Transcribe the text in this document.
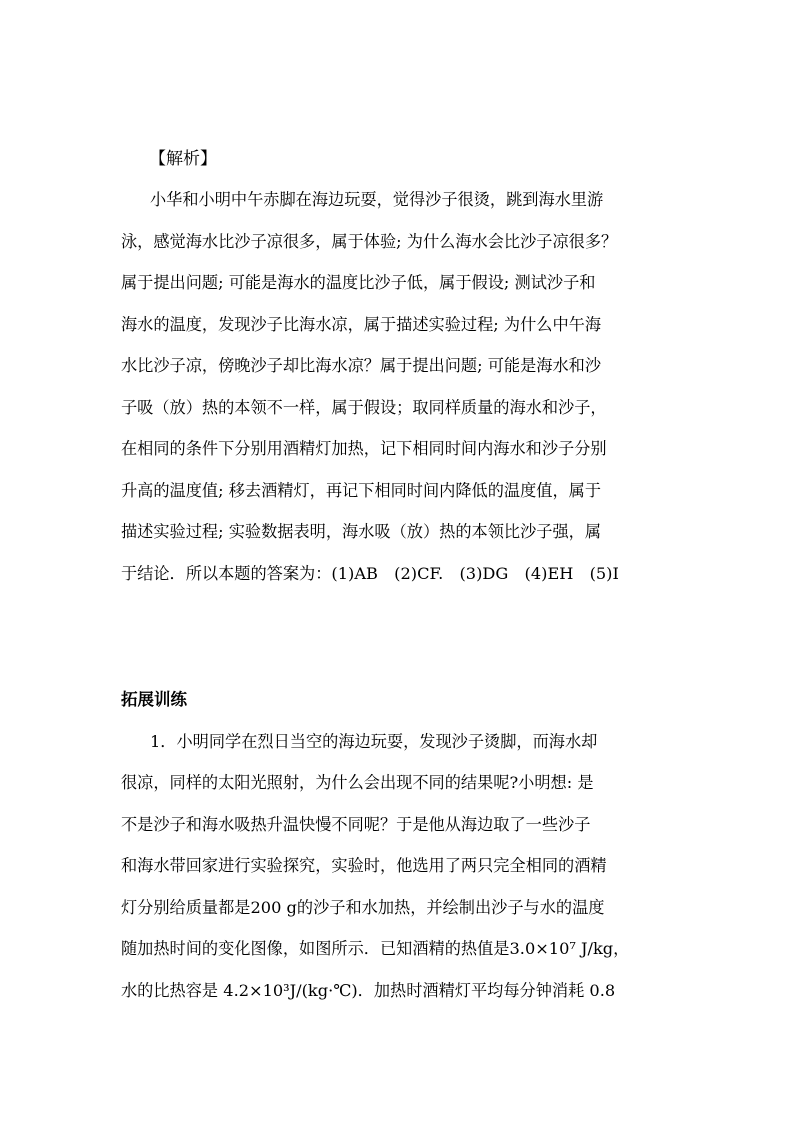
【解析】
小华和小明中午赤脚在海边玩耍，觉得沙子很烫，跳到海水里游
泳，感觉海水比沙子凉很多，属于体验; 为什么海水会比沙子凉很多？
属于提出问题; 可能是海水的温度比沙子低，属于假设; 测试沙子和
海水的温度，发现沙子比海水凉，属于描述实验过程; 为什么中午海
水比沙子凉，傍晚沙子却比海水凉？属于提出问题; 可能是海水和沙
子吸（放）热的本领不一样，属于假设；取同样质量的海水和沙子，
在相同的条件下分别用酒精灯加热，记下相同时间内海水和沙子分别
升高的温度值; 移去酒精灯，再记下相同时间内降低的温度值，属于
描述实验过程; 实验数据表明，海水吸（放）热的本领比沙子强，属
于结论．所以本题的答案为：(1)AB　(2)CF.　(3)DG　(4)EH　(5)I
拓展训练
1．小明同学在烈日当空的海边玩耍，发现沙子烫脚，而海水却
很凉，同样的太阳光照射，为什么会出现不同的结果呢?小明想: 是
不是沙子和海水吸热升温快慢不同呢？于是他从海边取了一些沙子
和海水带回家进行实验探究，实验时，他选用了两只完全相同的酒精
灯分别给质量都是200 g的沙子和水加热，并绘制出沙子与水的温度
随加热时间的变化图像，如图所示．已知酒精的热值是3.0×10⁷ J/kg，
水的比热容是 4.2×10³J/(kg·℃)．加热时酒精灯平均每分钟消耗 0.8
